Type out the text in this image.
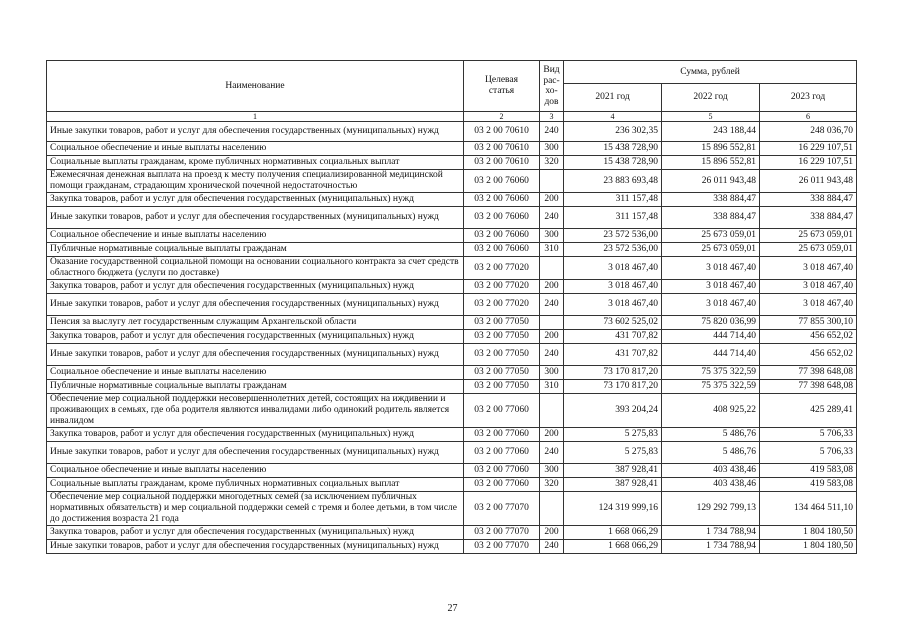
Наименование	Целевая статья	Вид рас-хо-дов	Сумма, рублей		
			2021 год	2022 год	2023 год
1	2	3	4	5	6
Иные закупки товаров, работ и услуг для обеспечения государственных (муниципальных) нужд	03 2 00 70610	240	236 302,35	243 188,44	248 036,70
Социальное обеспечение и иные выплаты населению	03 2 00 70610	300	15 438 728,90	15 896 552,81	16 229 107,51
Социальные выплаты гражданам, кроме публичных нормативных социальных выплат	03 2 00 70610	320	15 438 728,90	15 896 552,81	16 229 107,51
Ежемесячная денежная выплата на проезд к месту получения специализированной медицинской помощи гражданам, страдающим хронической почечной недостаточностью	03 2 00 76060		23 883 693,48	26 011 943,48	26 011 943,48
Закупка товаров, работ и услуг для обеспечения государственных (муниципальных) нужд	03 2 00 76060	200	311 157,48	338 884,47	338 884,47
Иные закупки товаров, работ и услуг для обеспечения государственных (муниципальных) нужд	03 2 00 76060	240	311 157,48	338 884,47	338 884,47
Социальное обеспечение и иные выплаты населению	03 2 00 76060	300	23 572 536,00	25 673 059,01	25 673 059,01
Публичные нормативные социальные выплаты гражданам	03 2 00 76060	310	23 572 536,00	25 673 059,01	25 673 059,01
Оказание государственной социальной помощи на основании социального контракта за счет средств областного бюджета (услуги по доставке)	03 2 00 77020		3 018 467,40	3 018 467,40	3 018 467,40
Закупка товаров, работ и услуг для обеспечения государственных (муниципальных) нужд	03 2 00 77020	200	3 018 467,40	3 018 467,40	3 018 467,40
Иные закупки товаров, работ и услуг для обеспечения государственных (муниципальных) нужд	03 2 00 77020	240	3 018 467,40	3 018 467,40	3 018 467,40
Пенсия за выслугу лет государственным служащим Архангельской области	03 2 00 77050		73 602 525,02	75 820 036,99	77 855 300,10
Закупка товаров, работ и услуг для обеспечения государственных (муниципальных) нужд	03 2 00 77050	200	431 707,82	444 714,40	456 652,02
Иные закупки товаров, работ и услуг для обеспечения государственных (муниципальных) нужд	03 2 00 77050	240	431 707,82	444 714,40	456 652,02
Социальное обеспечение и иные выплаты населению	03 2 00 77050	300	73 170 817,20	75 375 322,59	77 398 648,08
Публичные нормативные социальные выплаты гражданам	03 2 00 77050	310	73 170 817,20	75 375 322,59	77 398 648,08
Обеспечение мер социальной поддержки несовершеннолетних детей, состоящих на иждивении и проживающих в семьях, где оба родителя являются инвалидами либо одинокий родитель является инвалидом	03 2 00 77060		393 204,24	408 925,22	425 289,41
Закупка товаров, работ и услуг для обеспечения государственных (муниципальных) нужд	03 2 00 77060	200	5 275,83	5 486,76	5 706,33
Иные закупки товаров, работ и услуг для обеспечения государственных (муниципальных) нужд	03 2 00 77060	240	5 275,83	5 486,76	5 706,33
Социальное обеспечение и иные выплаты населению	03 2 00 77060	300	387 928,41	403 438,46	419 583,08
Социальные выплаты гражданам, кроме публичных нормативных социальных выплат	03 2 00 77060	320	387 928,41	403 438,46	419 583,08
Обеспечение мер социальной поддержки многодетных семей (за исключением публичных нормативных обязательств) и мер социальной поддержки семей с тремя и более детьми, в том числе до достижения возраста 21 года	03 2 00 77070		124 319 999,16	129 292 799,13	134 464 511,10
Закупка товаров, работ и услуг для обеспечения государственных (муниципальных) нужд	03 2 00 77070	200	1 668 066,29	1 734 788,94	1 804 180,50
Иные закупки товаров, работ и услуг для обеспечения государственных (муниципальных) нужд	03 2 00 77070	240	1 668 066,29	1 734 788,94	1 804 180,50
27
